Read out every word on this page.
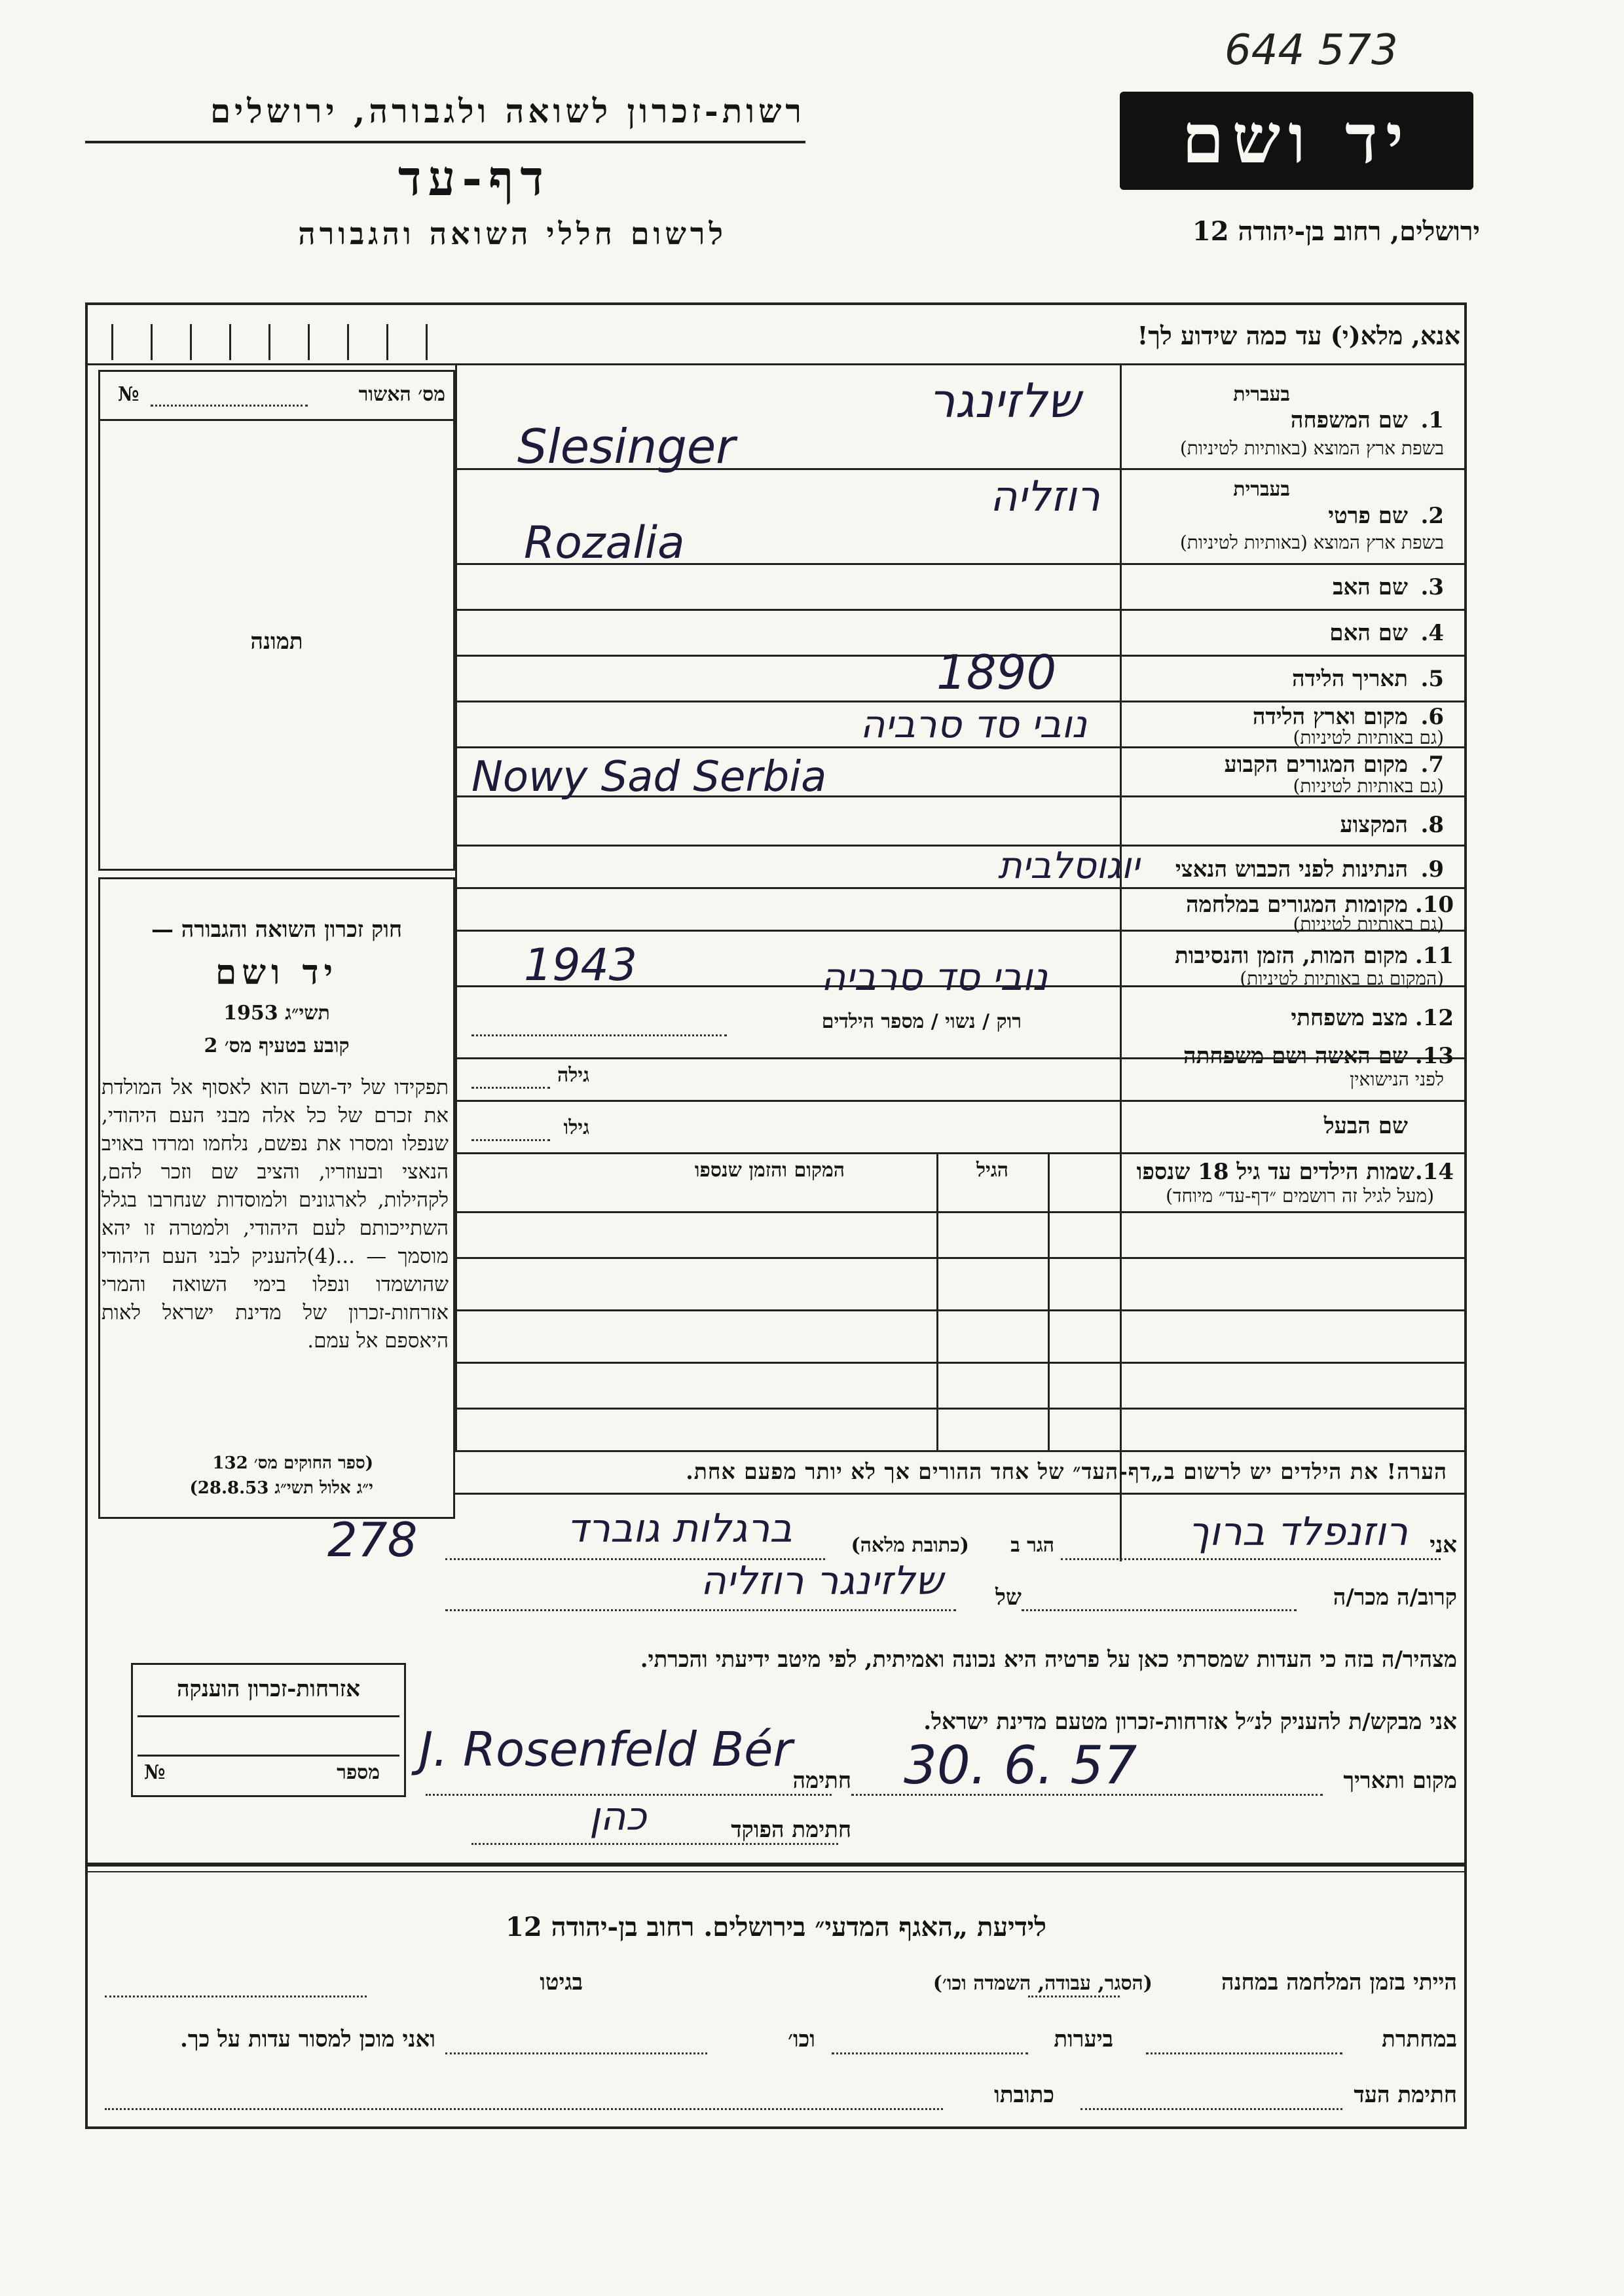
644 573
רשות-זכרון לשואה ולגבורה, ירושלים
דף-עד
לרשום חללי השואה והגבורה
יד ושם
ירושלים, רחוב בן-יהודה 12
אנא, מלא(י) עד כמה שידוע לך!
מס׳ האשור
№
תמונה
חוק זכרון השואה והגבורה —
יד ושם
תשי״ג 1953
קובע בטעיף מס׳ 2
תפקידו של יד-ושם הוא לאסוף אל המולדת את זכרם של כל אלה מבני העם היהודי, שנפלו ומסרו את נפשם, נלחמו ומרדו באויב הנאצי ובעוזריו, והציב שם וזכר להם, לקהילות, לארגונים ולמוסדות שנחרבו בגלל השתייכותם לעם היהודי, ולמטרה זו יהא מוסמך — ...(4)להעניק לבני העם היהודי שהושמדו ונפלו בימי השואה והמרי אזרחות-זכרון של מדינת ישראל לאות היאספם אל עמם.
(ספר החוקים מס׳ 132
י״ג אלול תשי״ג 28.8.53)
בעברית
1.
שם המשפחה
בשפת ארץ המוצא (באותיות לטיניות)
שלזינגר
Slesinger
בעברית
2.
שם פרטי
בשפת ארץ המוצא (באותיות לטיניות)
רוזליה
Rozalia
3.
שם האב
4.
שם האם
5.
תאריך הלידה
1890
6.
מקום וארץ הלידה
(גם באותיות לטיניות)
נובי סד סרביה
7.
מקום המגורים הקבוע
(גם באותיות לטיניות)
Nowy Sad Serbia
8.
המקצוע
9.
הנתינות לפני הכבוש הנאצי
יוגוסלבית
10.
מקומות המגורים במלחמה
(גם באותיות לטיניות)
11.
מקום המות, הזמן והנסיבות
(המקום גם באותיות לטיניות)
1943	נובי סד סרביה
12.
מצב משפחתי
רוק / נשוי / מספר הילדים
13.
שם האשה ושם משפחתה
לפני הנישואין
גילה
שם הבעל
גילו
14.
שמות הילדים עד גיל 18 שנספו
(מעל לגיל זה רושמים ״דף-עד״ מיוחד)
הגיל
המקום והזמן שנספו
הערה! את הילדים יש לרשום ב„דף-העד״ של אחד ההורים אך לא יותר מפעם אחת.
אני
רוזנפלד ברוך
הגר ב
(כתובת מלאה)
ברגלות גוברד
278
קרוב/ה מכר/ה
של
שלזינגר רוזליה
מצהיר/ה בזה כי העדות שמסרתי כאן על פרטיה היא נכונה ואמיתית, לפי מיטב ידיעתי והכרתי.
אני מבקש/ת להעניק לנ״ל אזרחות-זכרון מטעם מדינת ישראל.
מקום ותאריך
30. 6. 57
חתימה
J. Rosenfeld Bér
חתימת הפוקד
כהן
אזרחות-זכרון הוענקה
מספר
№
לידיעת „האגף המדעי״ בירושלים. רחוב בן-יהודה 12
הייתי בזמן המלחמה במחנה
(הסגר, עבודה, השמדה וכו׳)
בגיטו
במחתרת
ביערות
וכו׳
ואני מוכן למסור עדות על כך.
חתימת העד
כתובתו
